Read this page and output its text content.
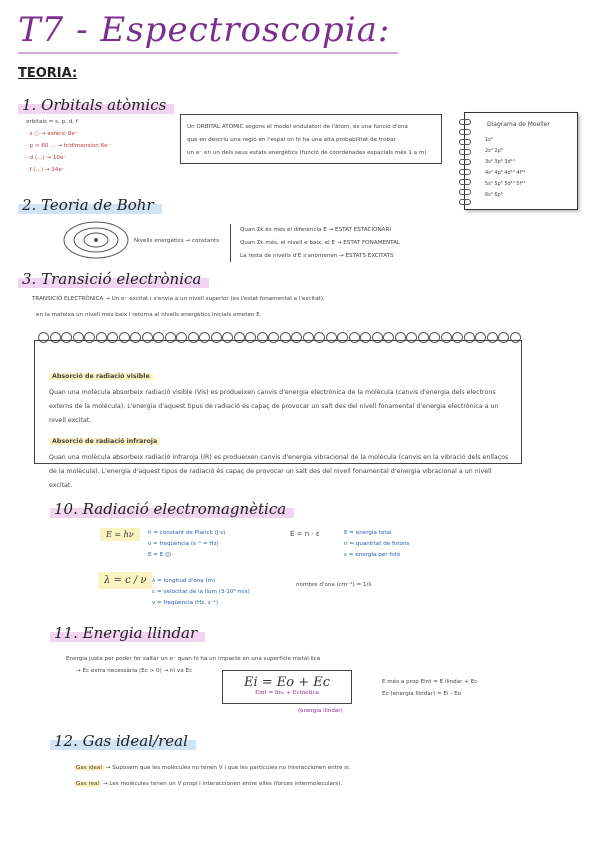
T7 - Espectroscopia:
TEORIA:
1. Orbitals atòmics
orbitals = s, p, d, f
· s ○ → esfèric 8e⁻
· p ∞ 60 ... → tridimension 6e⁻
· d (...) → 10e⁻
· f (...) → 14e⁻
Un ORBITAL ATÒMIC segons el model ondulatori de l'àtom, és una funció d'ona
que en descriu una regió en l'espai on hi ha una alta probabilitat de trobar
un e⁻ en un dels seus estats energètics (funció de coordenades espacials més 1 a m)
Diagrama de Moeller
1s²
2s² 2p⁶
3s² 3p⁶ 3d¹⁰
4s² 4p⁶ 4d¹⁰ 4f¹⁴
5s² 5p⁶ 5d¹⁰ 5f¹⁴
6s² 6p⁶
2. Teoria de Bohr
Nivells energètics → constants
Quan Σk és més el diferència E → ESTAT ESTACIONARI
Quan Σk més, el nivell e baix, el E → ESTAT FONAMENTAL
La resta de nivells d'E s'anomenen → ESTATS EXCITATS
3. Transició electrònica
TRANSICIÓ ELECTRÒNICA → Un e⁻ excitat i s'envia a un nivell superior (es l'estat fonamental a l'excitat),
en la mateixa un nivell més baix i retorna al nivells energètics inicials emeten E.
Absorció de radiació visible
Quan una molècula absorbeix radiació visible (Vis) es produeixen canvis d'energia electrònica de la molècula (canvis d'energia dels electrons externs de la molècula). L'energia d'aquest tipus de radiació és capaç de provocar un salt des del nivell fonamental d'energia electrònica a un nivell excitat.
Absorció de radiació infraroja
Quan una molècula absorbeix radiació infraroja (IR) es produeixen canvis d'energia vibracional de la molècula (canvis en la vibració dels enllaços de la molècula). L'energia d'aquest tipus de radiació és capaç de provocar un salt des del nivell fonamental d'energia vibracional a un nivell excitat.
10. Radiació electromagnètica
E = hν	h = constant de Planck (J·s)
ν = freqüència (s⁻¹ = Hz)
E = E (J)
E = n · ε	E = energia total
n = quantitat de fotons
ε = energia per fotó
λ = c / ν λ = longitud d'ona (m)
c = velocitat de la llum (3·10⁸ m/s)
ν = freqüència (Hz, s⁻¹)
nombre d'ona (cm⁻¹) = 1/λ
11. Energia llindar
Energia justa per poder fer saltar un e⁻ quan hi ha un impacte en una superfície metàl·lica
→ Ec extra necessària (Ec > 0) → hi va Ec
Ei = Eo + Ec
Eint = hν₀ + Ecinètica
(energia llindar)
E més a prop Eint = E llindar + Ec
Ec (energia llindar) = Ei - Eo
12. Gas ideal/real
Gas ideal → Suposem que les molècules no tenen V i que les partícules no interaccionen entre si.
Gas real → Les molècules tenen un V propi i interaccionen entre elles (forces intermoleculars).
